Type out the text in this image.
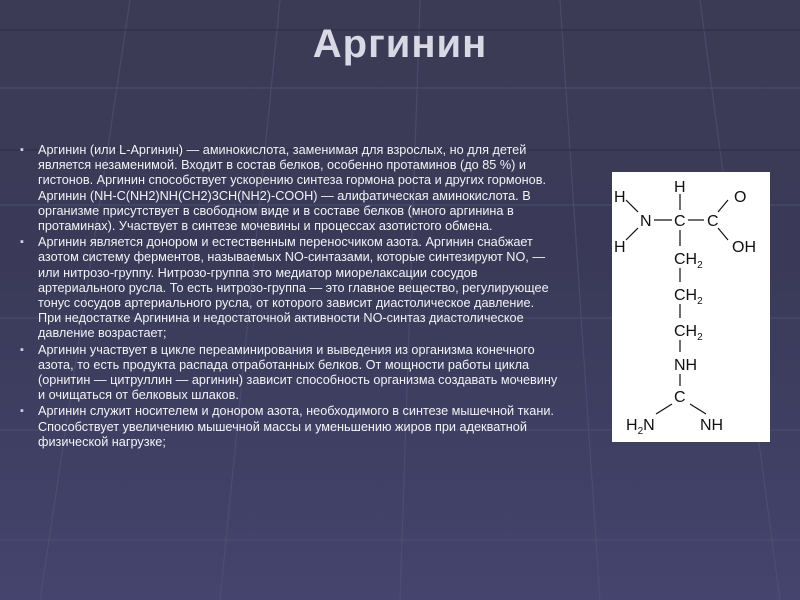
Аргинин
▪ Аргинин (или L-Аргинин) — аминокислота, заменимая для взрослых, но для детей является незаменимой. Входит в состав белков, особенно протаминов (до 85 %) и гистонов. Аргинин способствует ускорению синтеза гормона роста и других гормонов. Аргинин (NH-C(NH2)NH(CH2)3CH(NH2)-COOH) — алифатическая аминокислота. В организме присутствует в свободном виде и в составе белков (много аргинина в протаминах). Участвует в синтезе мочевины и процессах азотистого обмена.
▪ Аргинин является донором и естественным переносчиком азота. Аргинин снабжает азотом систему ферментов, называемых NO-синтазами, которые синтезируют NO, — или нитрозо-группу. Нитрозо-группа это медиатор миорелаксации сосудов артериального русла. То есть нитрозо-группа — это главное вещество, регулирующее тонус сосудов артериального русла, от которого зависит диастолическое давление. При недостатке Аргинина и недостаточной активности NO-синтаз диастолическое давление возрастает;
▪ Аргинин участвует в цикле переаминирования и выведения из организма конечного азота, то есть продукта распада отработанных белков. От мощности работы цикла (орнитин — цитруллин — аргинин) зависит способность организма создавать мочевину и очищаться от белковых шлаков.
▪ Аргинин служит носителем и донором азота, необходимого в синтезе мышечной ткани. Способствует увеличению мышечной массы и уменьшению жиров при адекватной физической нагрузке;
H
H
O
N C C
H	OH
$CH_2$
$CH_2$
$CH_2$
NH
C
$H_2N$	NH
